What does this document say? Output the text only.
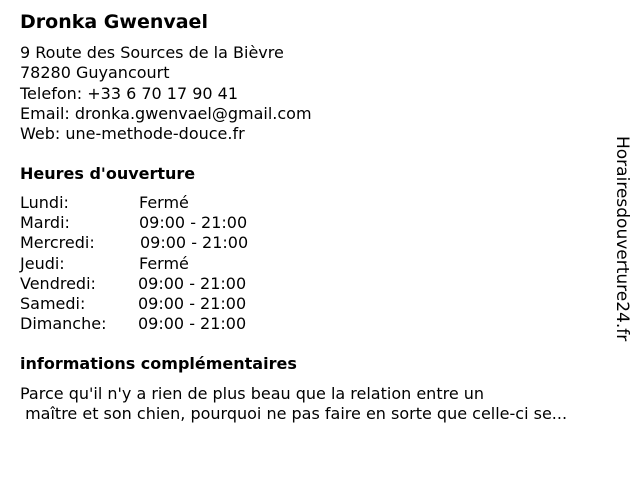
Dronka Gwenvael
9 Route des Sources de la Bièvre
78280 Guyancourt
Telefon: +33 6 70 17 90 41
Email: dronka.gwenvael@gmail.com
Web: une-methode-douce.fr
Heures d'ouverture
Lundi:	Fermé
Mardi:	09:00 - 21:00
Mercredi:	09:00 - 21:00
Jeudi:	Fermé
Vendredi:	09:00 - 21:00
Samedi:	09:00 - 21:00
Dimanche: 09:00 - 21:00
informations complémentaires
Parce qu'il n'y a rien de plus beau que la relation entre un
maître et son chien, pourquoi ne pas faire en sorte que celle-ci se...
Horairesdouverture24.fr
